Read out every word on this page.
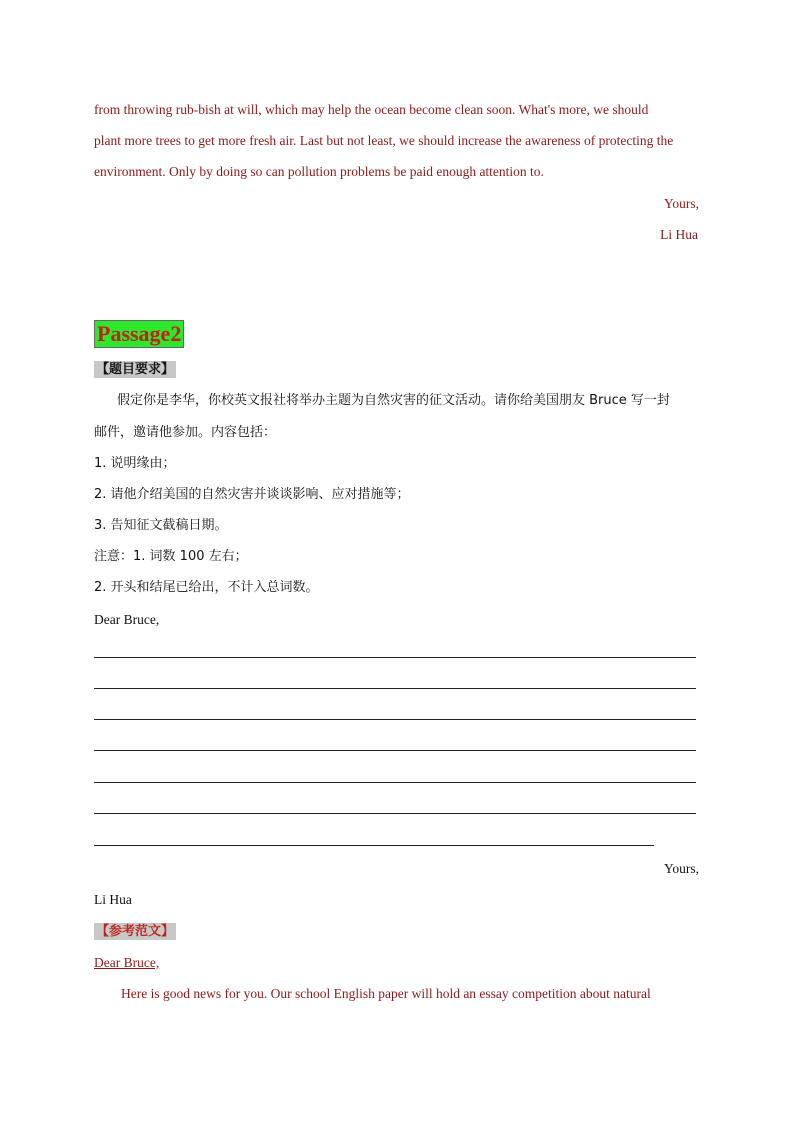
from throwing rub-bish at will, which may help the ocean become clean soon. What's more, we should
plant more trees to get more fresh air. Last but not least, we should increase the awareness of protecting the
environment. Only by doing so can pollution problems be paid enough attention to.
Yours,
Li Hua
Passage2
【题目要求】
假定你是李华，你校英文报社将举办主题为自然灾害的征文活动。请你给美国朋友 Bruce 写一封
邮件，邀请他参加。内容包括：
1. 说明缘由；
2. 请他介绍美国的自然灾害并谈谈影响、应对措施等；
3. 告知征文截稿日期。
注意：1. 词数 100 左右；
2. 开头和结尾已给出，不计入总词数。
Dear Bruce,
Yours,
Li Hua
【参考范文】
Dear Bruce,
Here is good news for you. Our school English paper will hold an essay competition about natural
